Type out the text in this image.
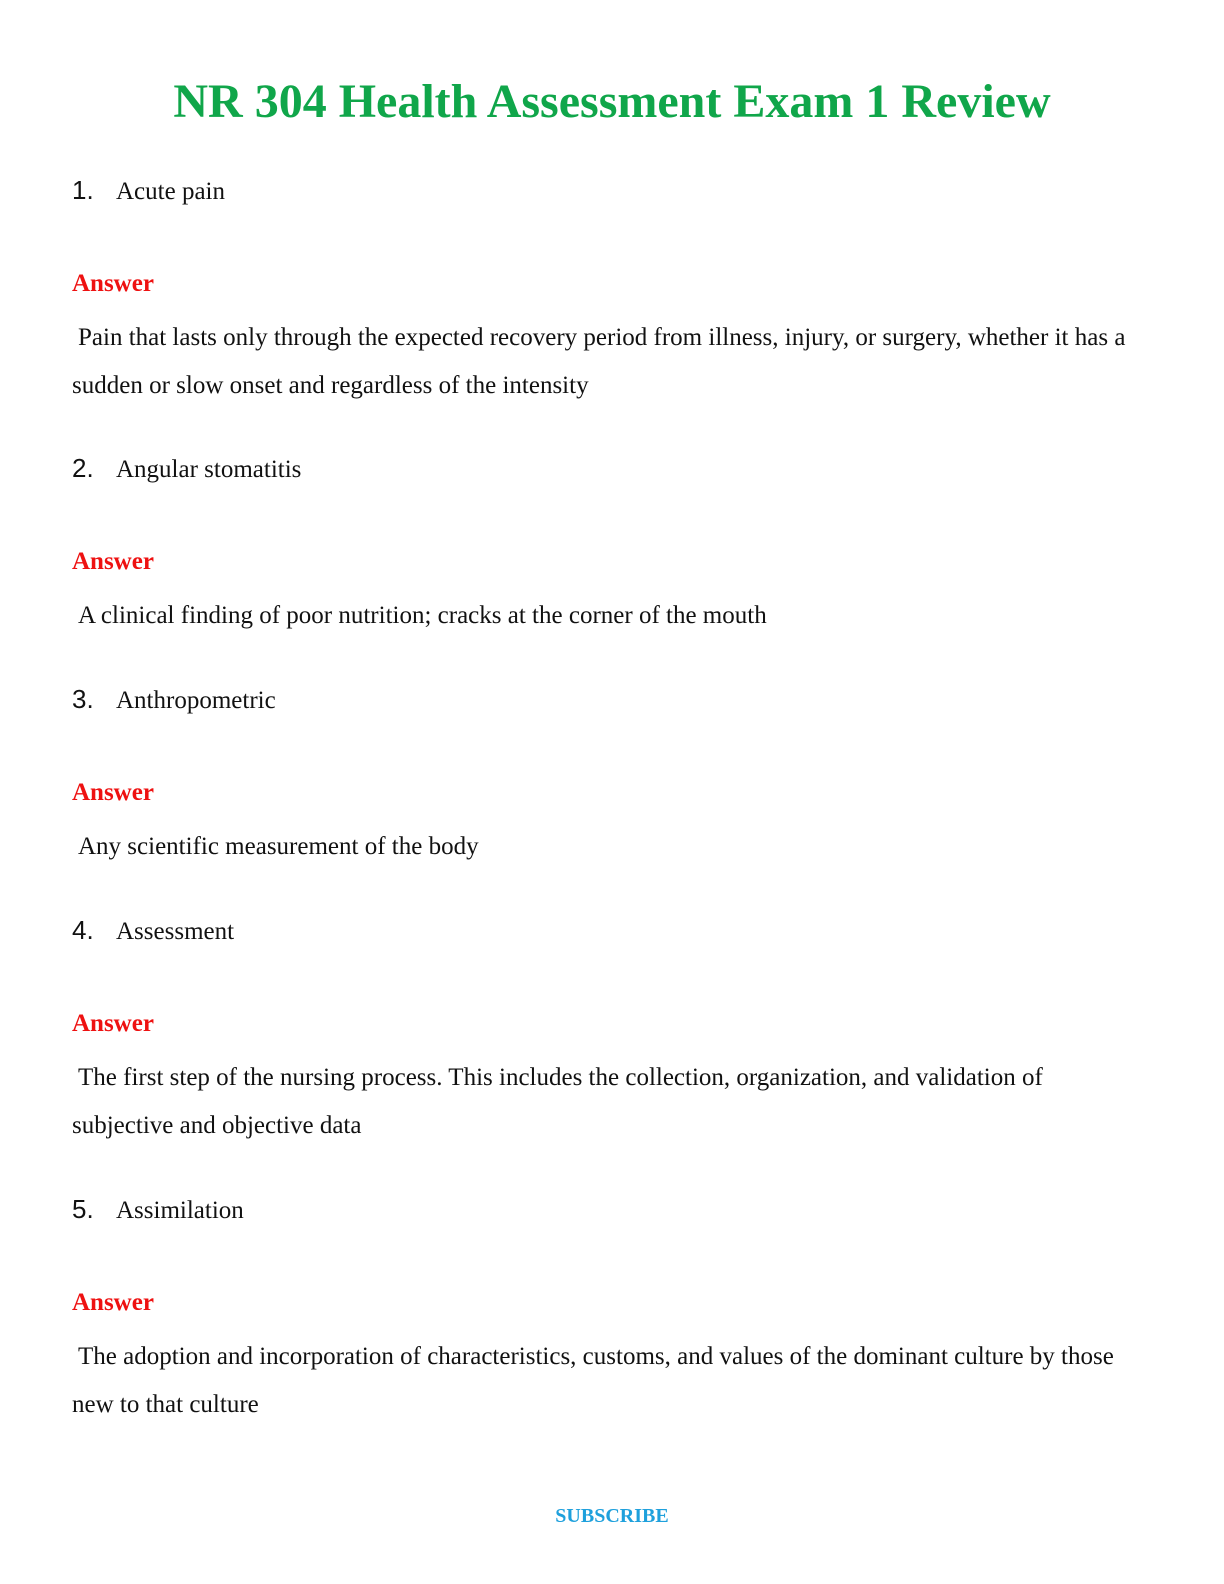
NR 304 Health Assessment Exam 1 Review
1. Acute pain
Answer
Pain that lasts only through the expected recovery period from illness, injury, or surgery, whether it has a sudden or slow onset and regardless of the intensity
2. Angular stomatitis
Answer
A clinical finding of poor nutrition; cracks at the corner of the mouth
3. Anthropometric
Answer
Any scientific measurement of the body
4. Assessment
Answer
The first step of the nursing process. This includes the collection, organization, and validation of subjective and objective data
5. Assimilation
Answer
The adoption and incorporation of characteristics, customs, and values of the dominant culture by those new to that culture
SUBSCRIBE
